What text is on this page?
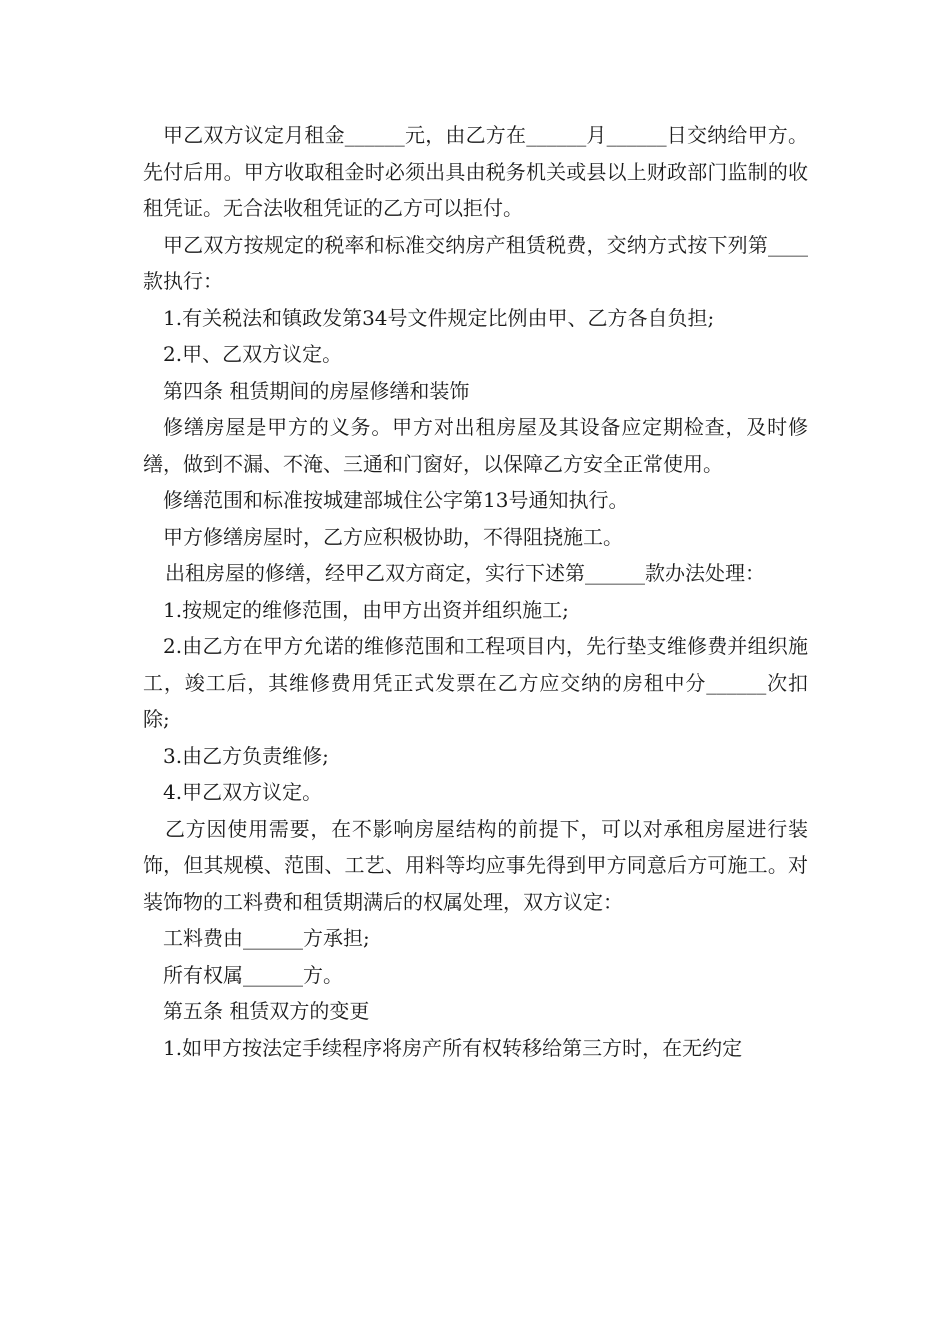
甲乙双方议定月租金______元，由乙方在______月______日交纳给甲方。先付后用。甲方收取租金时必须出具由税务机关或县以上财政部门监制的收租凭证。无合法收租凭证的乙方可以拒付。

甲乙双方按规定的税率和标准交纳房产租赁税费，交纳方式按下列第____款执行：

1.有关税法和镇政发第34号文件规定比例由甲、乙方各自负担;

2.甲、乙双方议定。

第四条 租赁期间的房屋修缮和装饰

修缮房屋是甲方的义务。甲方对出租房屋及其设备应定期检查，及时修缮，做到不漏、不淹、三通和门窗好，以保障乙方安全正常使用。

修缮范围和标准按城建部城住公字第13号通知执行。

甲方修缮房屋时，乙方应积极协助，不得阻挠施工。

出租房屋的修缮，经甲乙双方商定，实行下述第______款办法处理：

1.按规定的维修范围，由甲方出资并组织施工;

2.由乙方在甲方允诺的维修范围和工程项目内，先行垫支维修费并组织施工，竣工后，其维修费用凭正式发票在乙方应交纳的房租中分______次扣除;

3.由乙方负责维修;

4.甲乙双方议定。

乙方因使用需要，在不影响房屋结构的前提下，可以对承租房屋进行装饰，但其规模、范围、工艺、用料等均应事先得到甲方同意后方可施工。对装饰物的工料费和租赁期满后的权属处理，双方议定：

工料费由______方承担;

所有权属______方。

第五条 租赁双方的变更

1.如甲方按法定手续程序将房产所有权转移给第三方时，在无约定
